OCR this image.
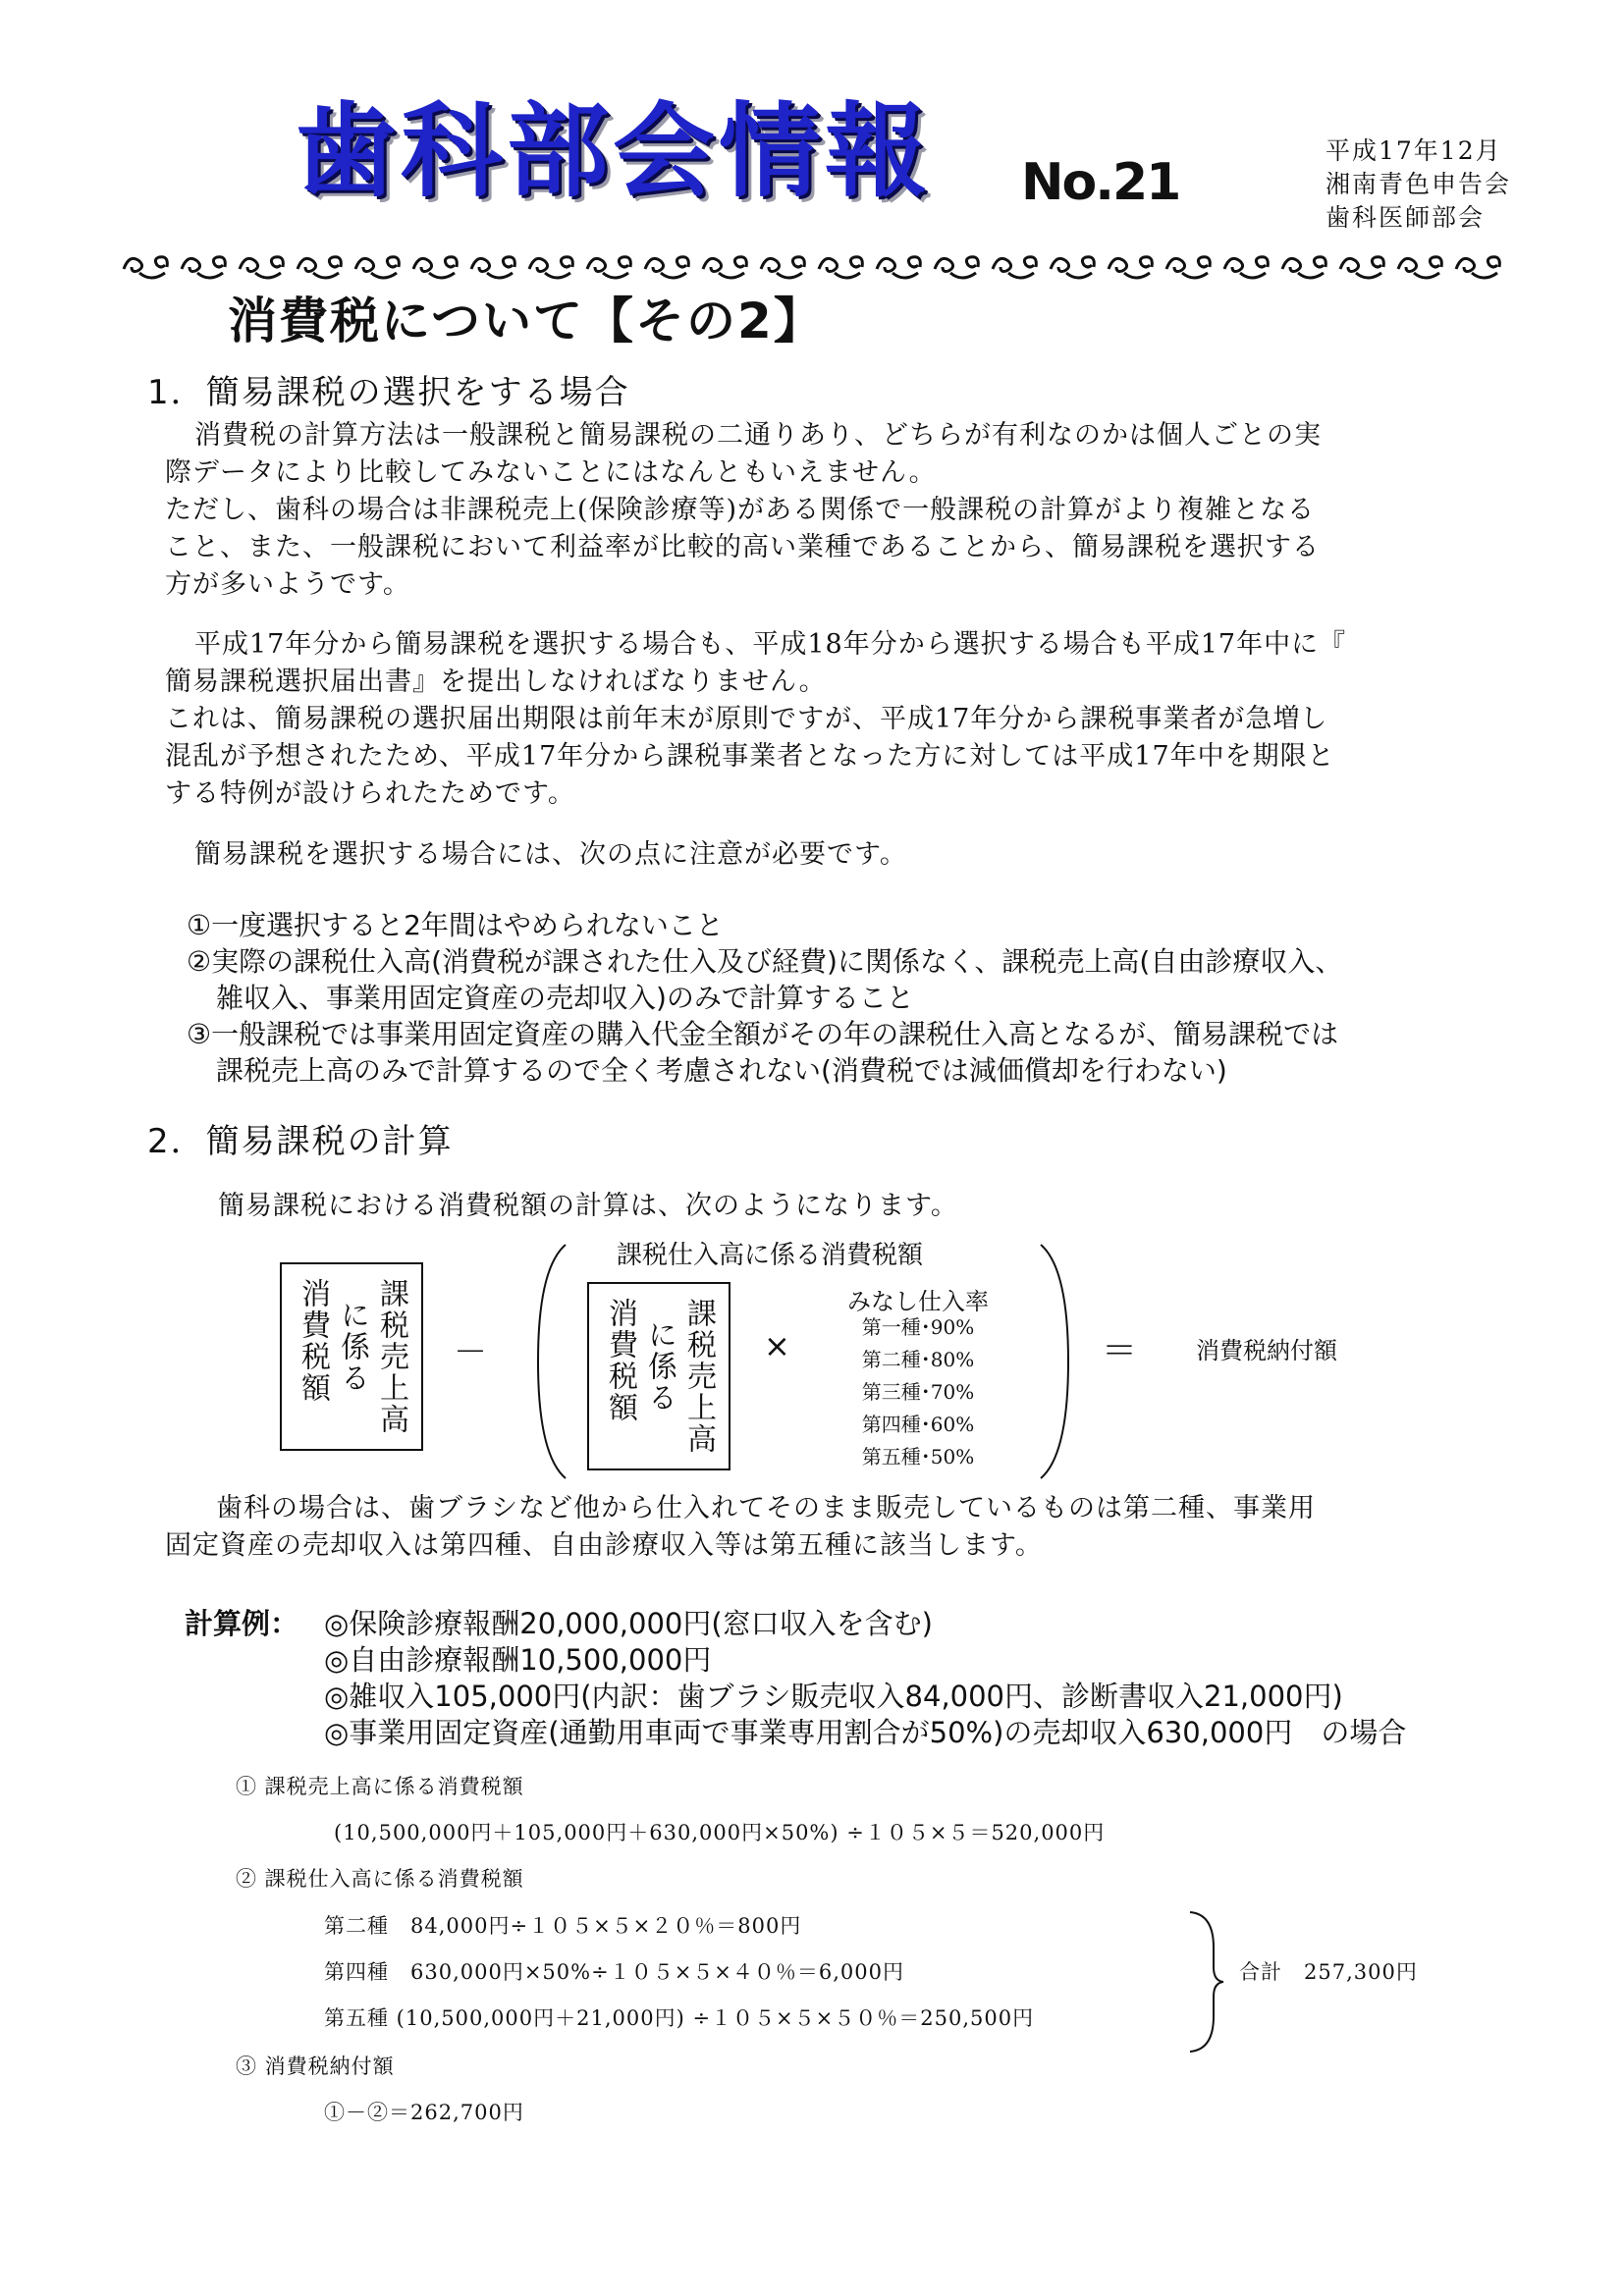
歯科部会情報 No.21
平成17年12月
湘南青色申告会
歯科医師部会
消費税について【その2】
1．簡易課税の選択をする場合
消費税の計算方法は一般課税と簡易課税の二通りあり、どちらが有利なのかは個人ごとの実
際データにより比較してみないことにはなんともいえません。
ただし、歯科の場合は非課税売上(保険診療等)がある関係で一般課税の計算がより複雑となる
こと、また、一般課税において利益率が比較的高い業種であることから、簡易課税を選択する
方が多いようです。
平成17年分から簡易課税を選択する場合も、平成18年分から選択する場合も平成17年中に『
簡易課税選択届出書』を提出しなければなりません。
これは、簡易課税の選択届出期限は前年末が原則ですが、平成17年分から課税事業者が急増し
混乱が予想されたため、平成17年分から課税事業者となった方に対しては平成17年中を期限と
する特例が設けられたためです。
簡易課税を選択する場合には、次の点に注意が必要です。
①一度選択すると2年間はやめられないこと
②実際の課税仕入高(消費税が課された仕入及び経費)に関係なく、課税売上高(自由診療収入、
雑収入、事業用固定資産の売却収入)のみで計算すること
③一般課税では事業用固定資産の購入代金全額がその年の課税仕入高となるが、簡易課税では
課税売上高のみで計算するので全く考慮されない(消費税では減価償却を行わない)
2．簡易課税の計算
簡易課税における消費税額の計算は、次のようになります。
課税売上高
に係る
消費税額	－
課税仕入高に係る消費税額
課税売上高
に係る
消費税額	×
みなし仕入率
第一種･90%
第二種･80%
第三種･70%
第四種･60%
第五種･50%
＝ 消費税納付額
歯科の場合は、歯ブラシなど他から仕入れてそのまま販売しているものは第二種、事業用
固定資産の売却収入は第四種、自由診療収入等は第五種に該当します。
計算例： ◎保険診療報酬20,000,000円(窓口収入を含む)
◎自由診療報酬10,500,000円
◎雑収入105,000円(内訳：歯ブラシ販売収入84,000円、診断書収入21,000円)
◎事業用固定資産(通勤用車両で事業専用割合が50%)の売却収入630,000円　の場合
① 課税売上高に係る消費税額
(10,500,000円＋105,000円＋630,000円×50%) ÷１０５×５＝520,000円
② 課税仕入高に係る消費税額
第二種　84,000円÷１０５×５×２０％＝800円
第四種　630,000円×50%÷１０５×５×４０％＝6,000円
第五種 (10,500,000円＋21,000円) ÷１０５×５×５０％＝250,500円
合計　257,300円
③ 消費税納付額
①－②＝262,700円
